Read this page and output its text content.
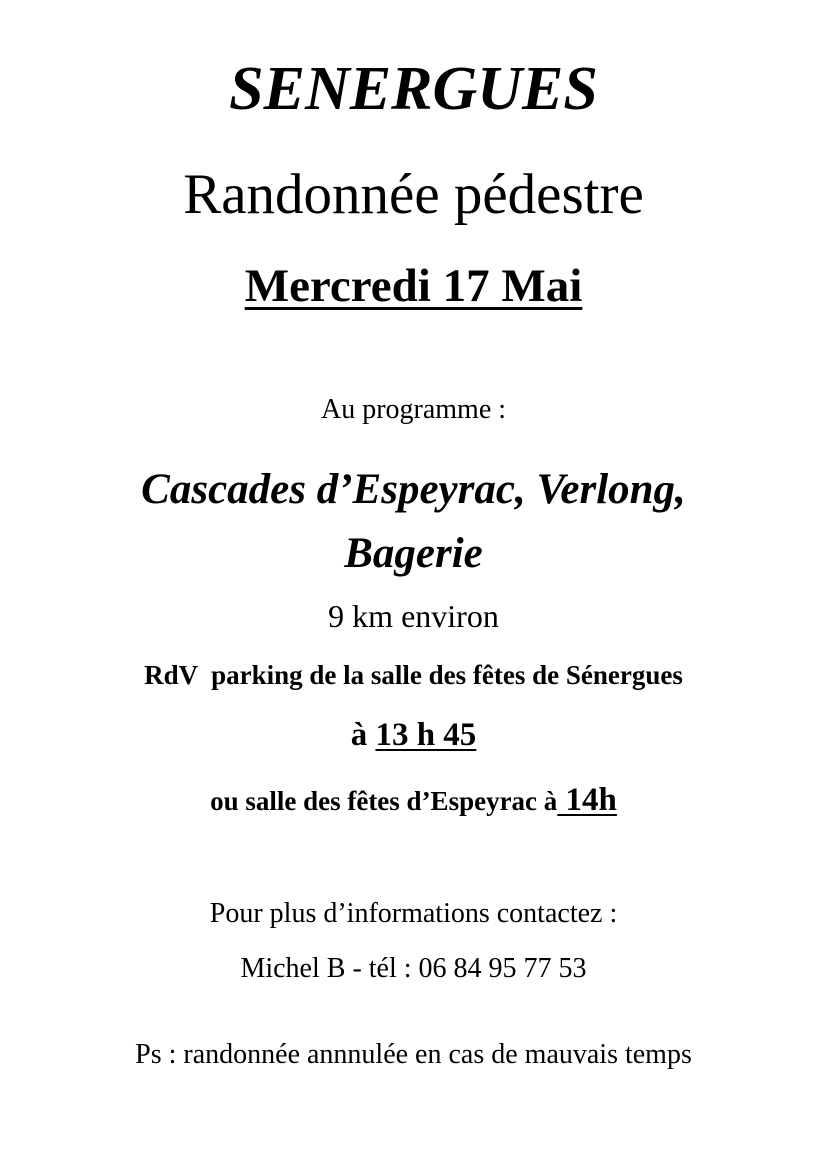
SENERGUES
Randonnée pédestre
Mercredi 17 Mai
Au programme :
Cascades d’Espeyrac, Verlong,
Bagerie
9 km environ
RdV  parking de la salle des fêtes de Sénergues
à 13 h 45
ou salle des fêtes d’Espeyrac à 14h
Pour plus d’informations contactez :
Michel B - tél : 06 84 95 77 53
Ps : randonnée annnulée en cas de mauvais temps
